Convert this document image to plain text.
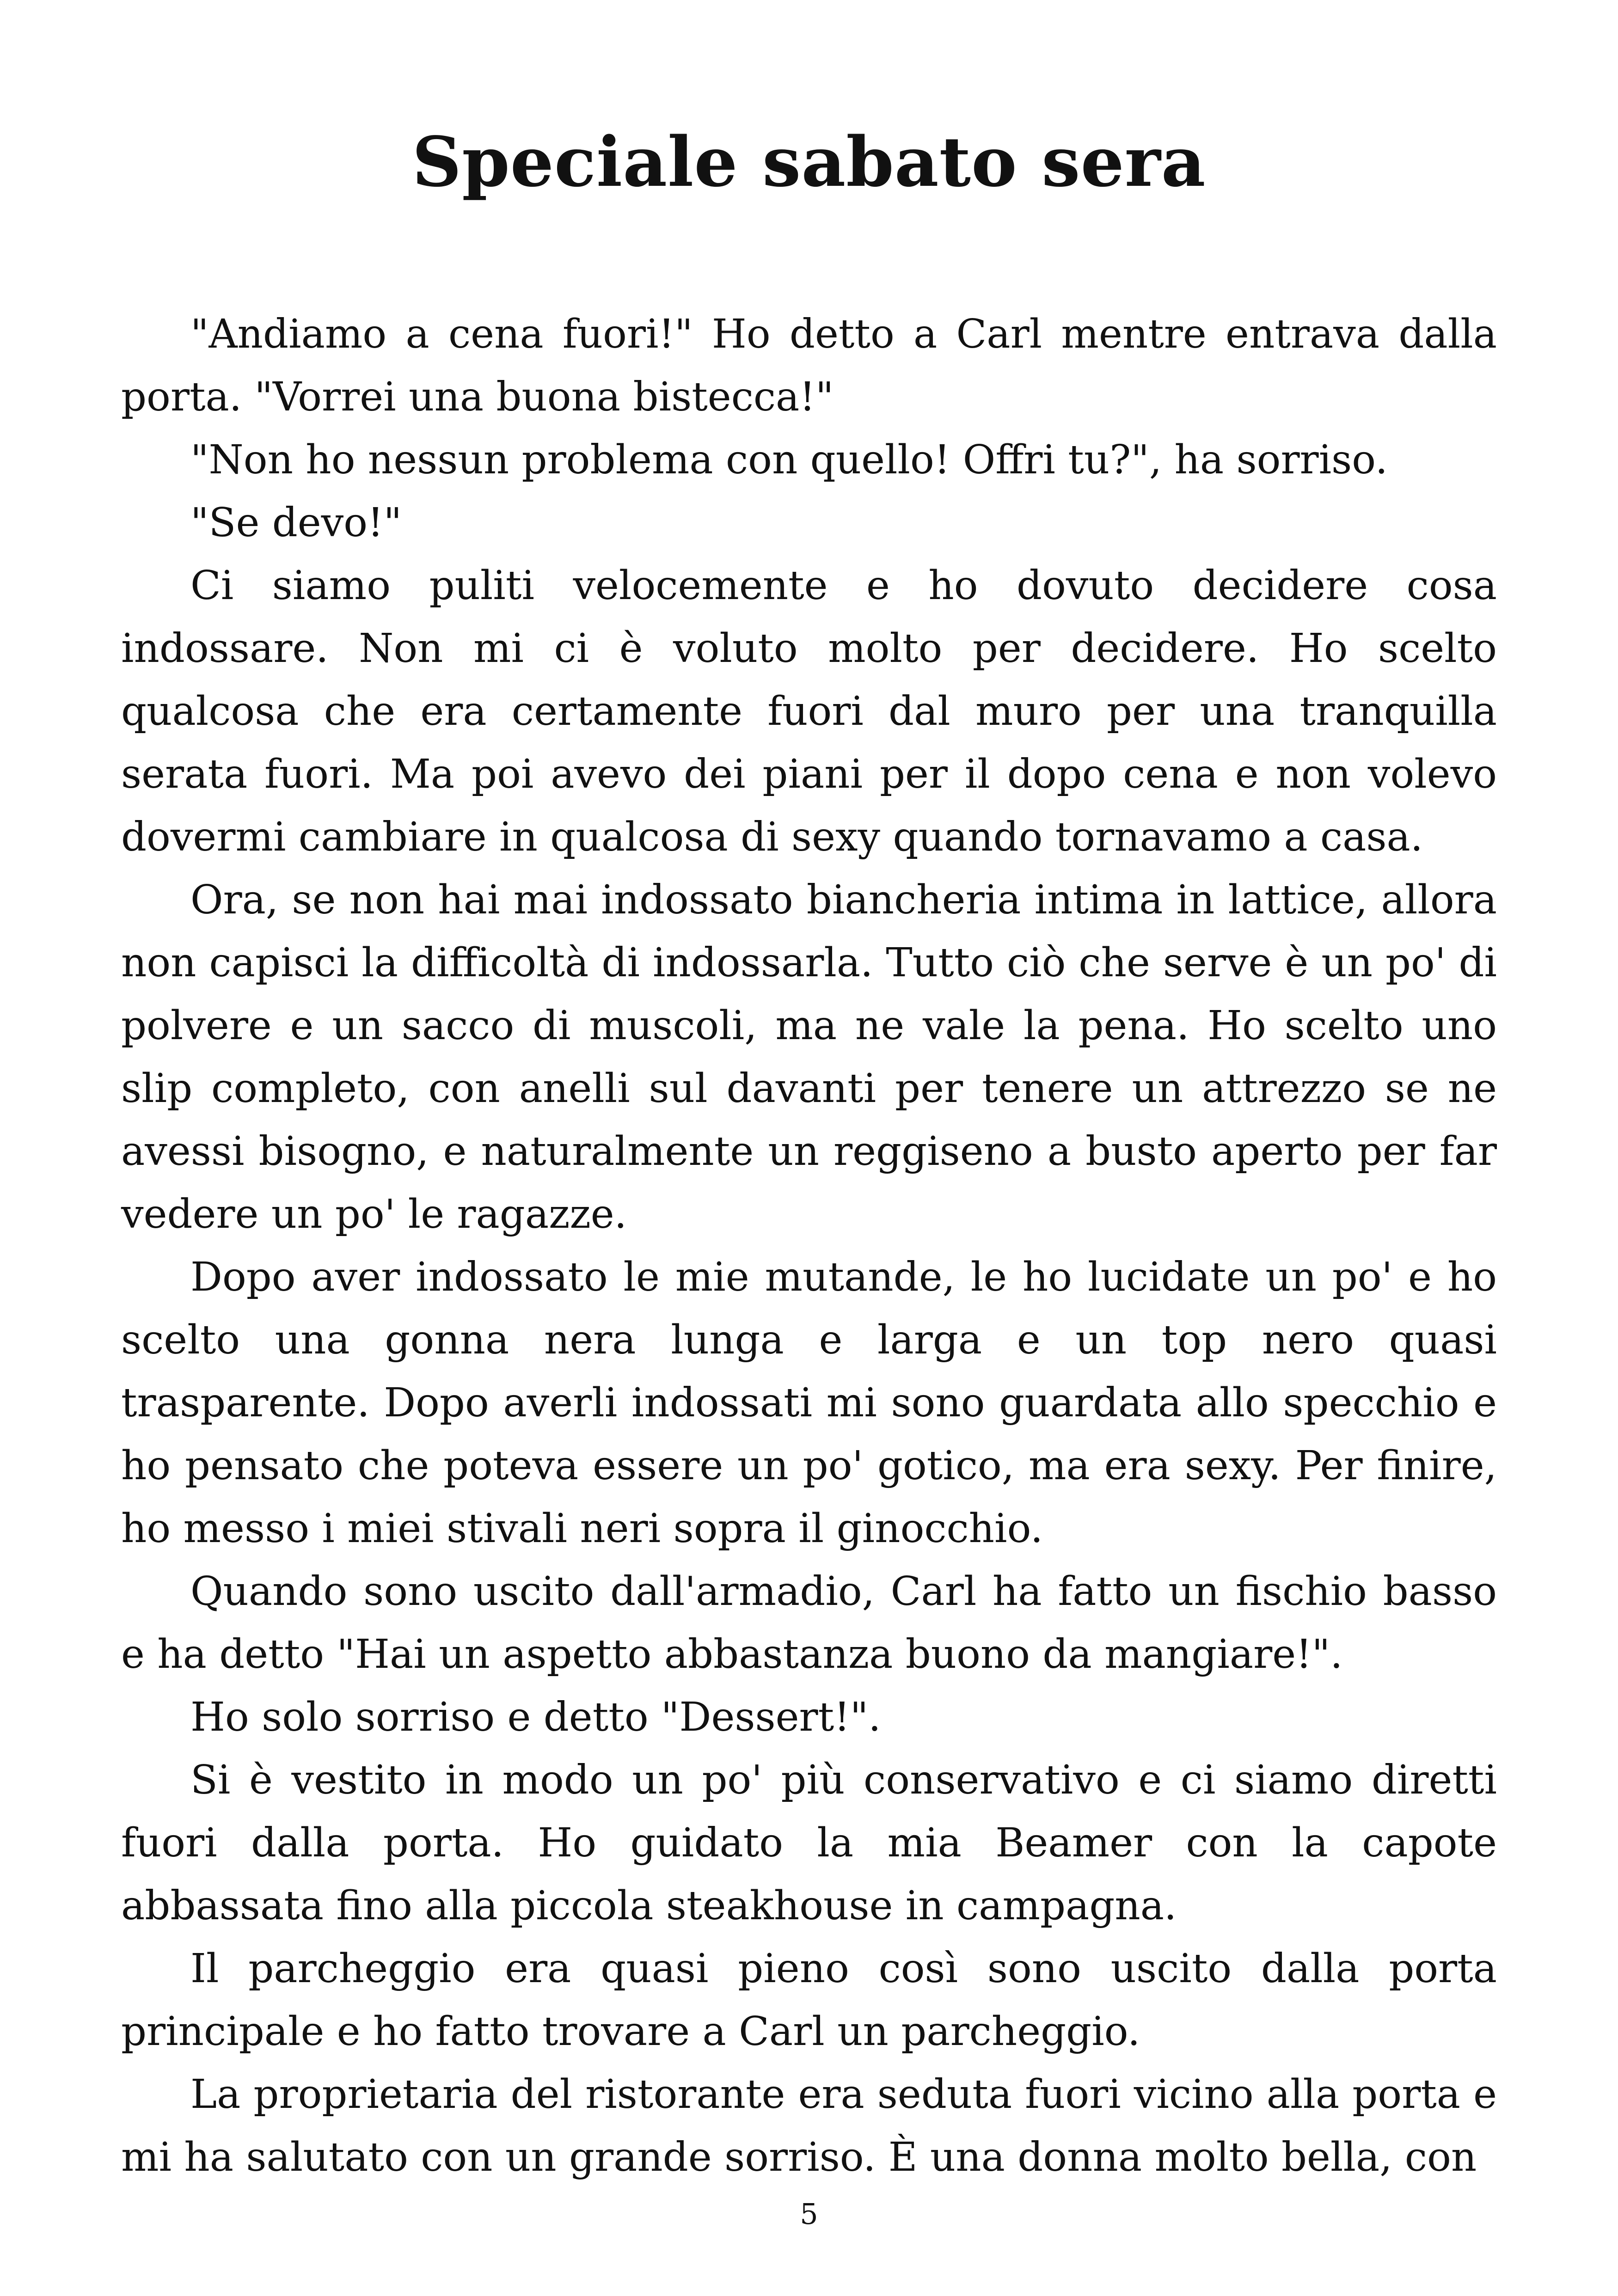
Speciale sabato sera

"Andiamo a cena fuori!" Ho detto a Carl mentre entrava dalla porta. "Vorrei una buona bistecca!"

"Non ho nessun problema con quello! Offri tu?", ha sorriso.

"Se devo!"

Ci siamo puliti velocemente e ho dovuto decidere cosa indossare. Non mi ci è voluto molto per decidere. Ho scelto qualcosa che era certamente fuori dal muro per una tranquilla serata fuori. Ma poi avevo dei piani per il dopo cena e non volevo dovermi cambiare in qualcosa di sexy quando tornavamo a casa.

Ora, se non hai mai indossato biancheria intima in lattice, allora non capisci la difficoltà di indossarla. Tutto ciò che serve è un po' di polvere e un sacco di muscoli, ma ne vale la pena. Ho scelto uno slip completo, con anelli sul davanti per tenere un attrezzo se ne avessi bisogno, e naturalmente un reggiseno a busto aperto per far vedere un po' le ragazze.

Dopo aver indossato le mie mutande, le ho lucidate un po' e ho scelto una gonna nera lunga e larga e un top nero quasi trasparente. Dopo averli indossati mi sono guardata allo specchio e ho pensato che poteva essere un po' gotico, ma era sexy. Per finire, ho messo i miei stivali neri sopra il ginocchio.

Quando sono uscito dall'armadio, Carl ha fatto un fischio basso e ha detto "Hai un aspetto abbastanza buono da mangiare!".

Ho solo sorriso e detto "Dessert!".

Si è vestito in modo un po' più conservativo e ci siamo diretti fuori dalla porta. Ho guidato la mia Beamer con la capote abbassata fino alla piccola steakhouse in campagna.

Il parcheggio era quasi pieno così sono uscito dalla porta principale e ho fatto trovare a Carl un parcheggio.

La proprietaria del ristorante era seduta fuori vicino alla porta e mi ha salutato con un grande sorriso. È una donna molto bella, con

5
